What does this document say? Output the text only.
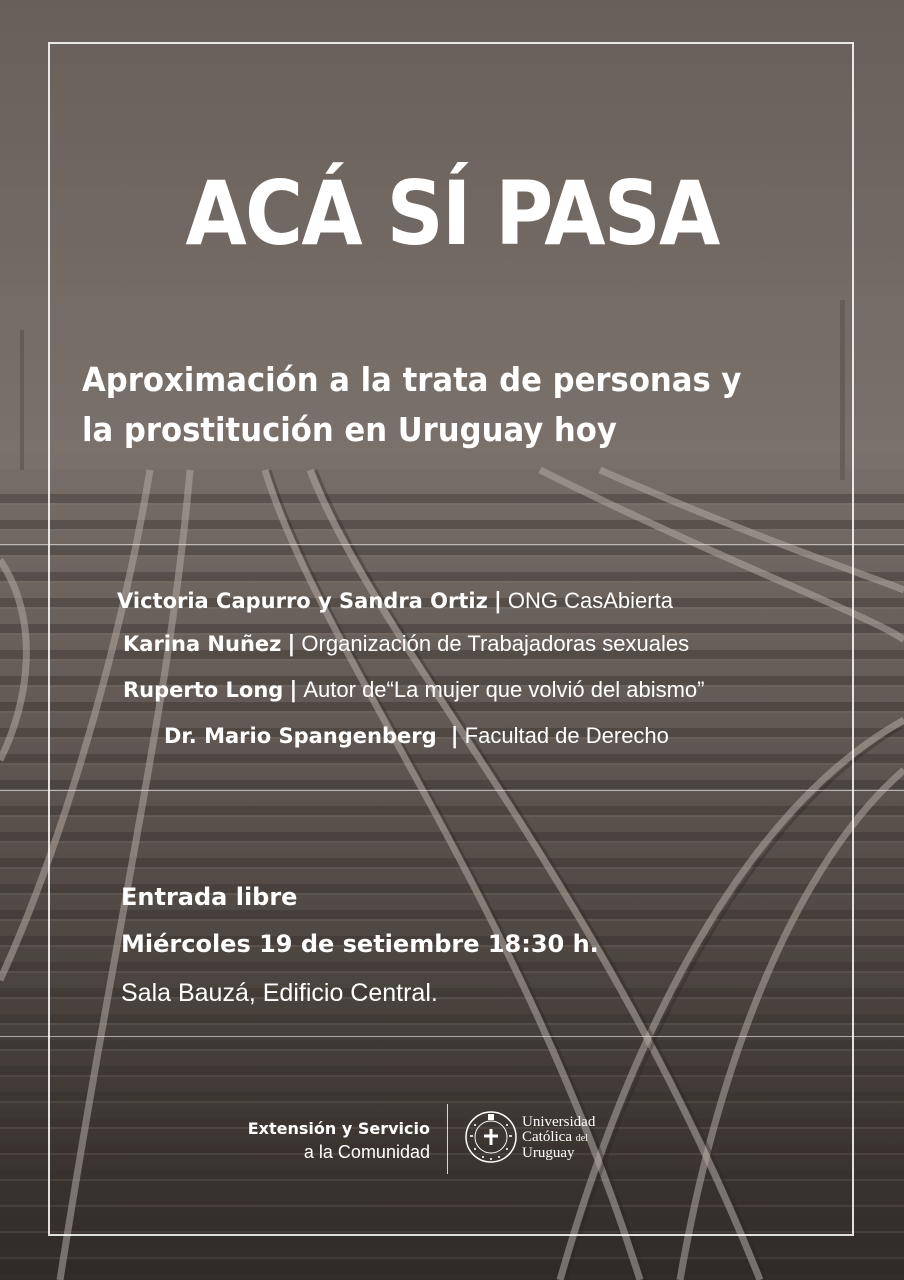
ACÁ SÍ PASA
Aproximación a la trata de personas y
la prostitución en Uruguay hoy
Victoria Capurro y Sandra Ortiz | ONG CasAbierta
Karina Nuñez | Organización de Trabajadoras sexuales
Ruperto Long | Autor de“La mujer que volvió del abismo”
Dr. Mario Spangenberg | Facultad de Derecho
Entrada libre
Miércoles 19 de setiembre 18:30 h.
Sala Bauzá, Edificio Central.
Extensión y Servicio
a la Comunidad
Universidad
Católica del
Uruguay
